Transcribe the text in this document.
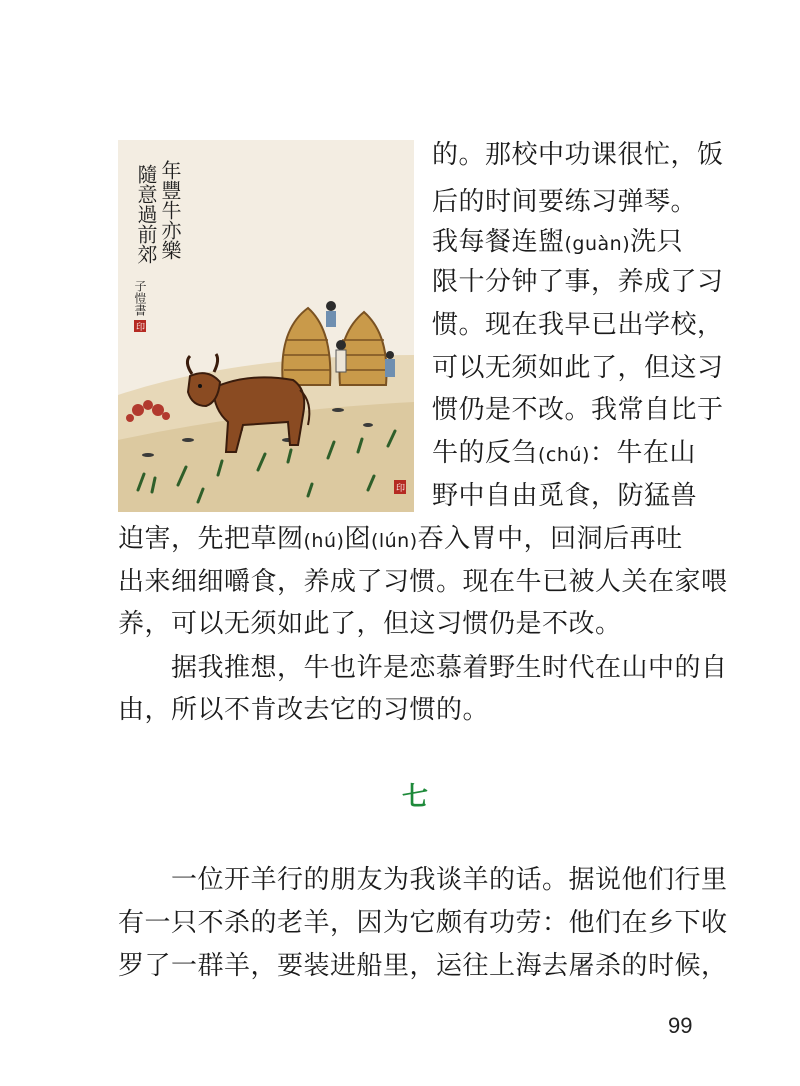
年豐牛亦樂
隨意過前郊
子愷書
印
印
的。那校中功课很忙，饭
后的时间要练习弹琴。
我每餐连盥(guàn)洗只
限十分钟了事，养成了习
惯。现在我早已出学校，
可以无须如此了，但这习
惯仍是不改。我常自比于
牛的反刍(chú)：牛在山
野中自由觅食，防猛兽
迫害，先把草囫(hú)囵(lún)吞入胃中，回洞后再吐
出来细细嚼食，养成了习惯。现在牛已被人关在家喂
养，可以无须如此了，但这习惯仍是不改。
据我推想，牛也许是恋慕着野生时代在山中的自
由，所以不肯改去它的习惯的。
七
一位开羊行的朋友为我谈羊的话。据说他们行里
有一只不杀的老羊，因为它颇有功劳：他们在乡下收
罗了一群羊，要装进船里，运往上海去屠杀的时候，
99
